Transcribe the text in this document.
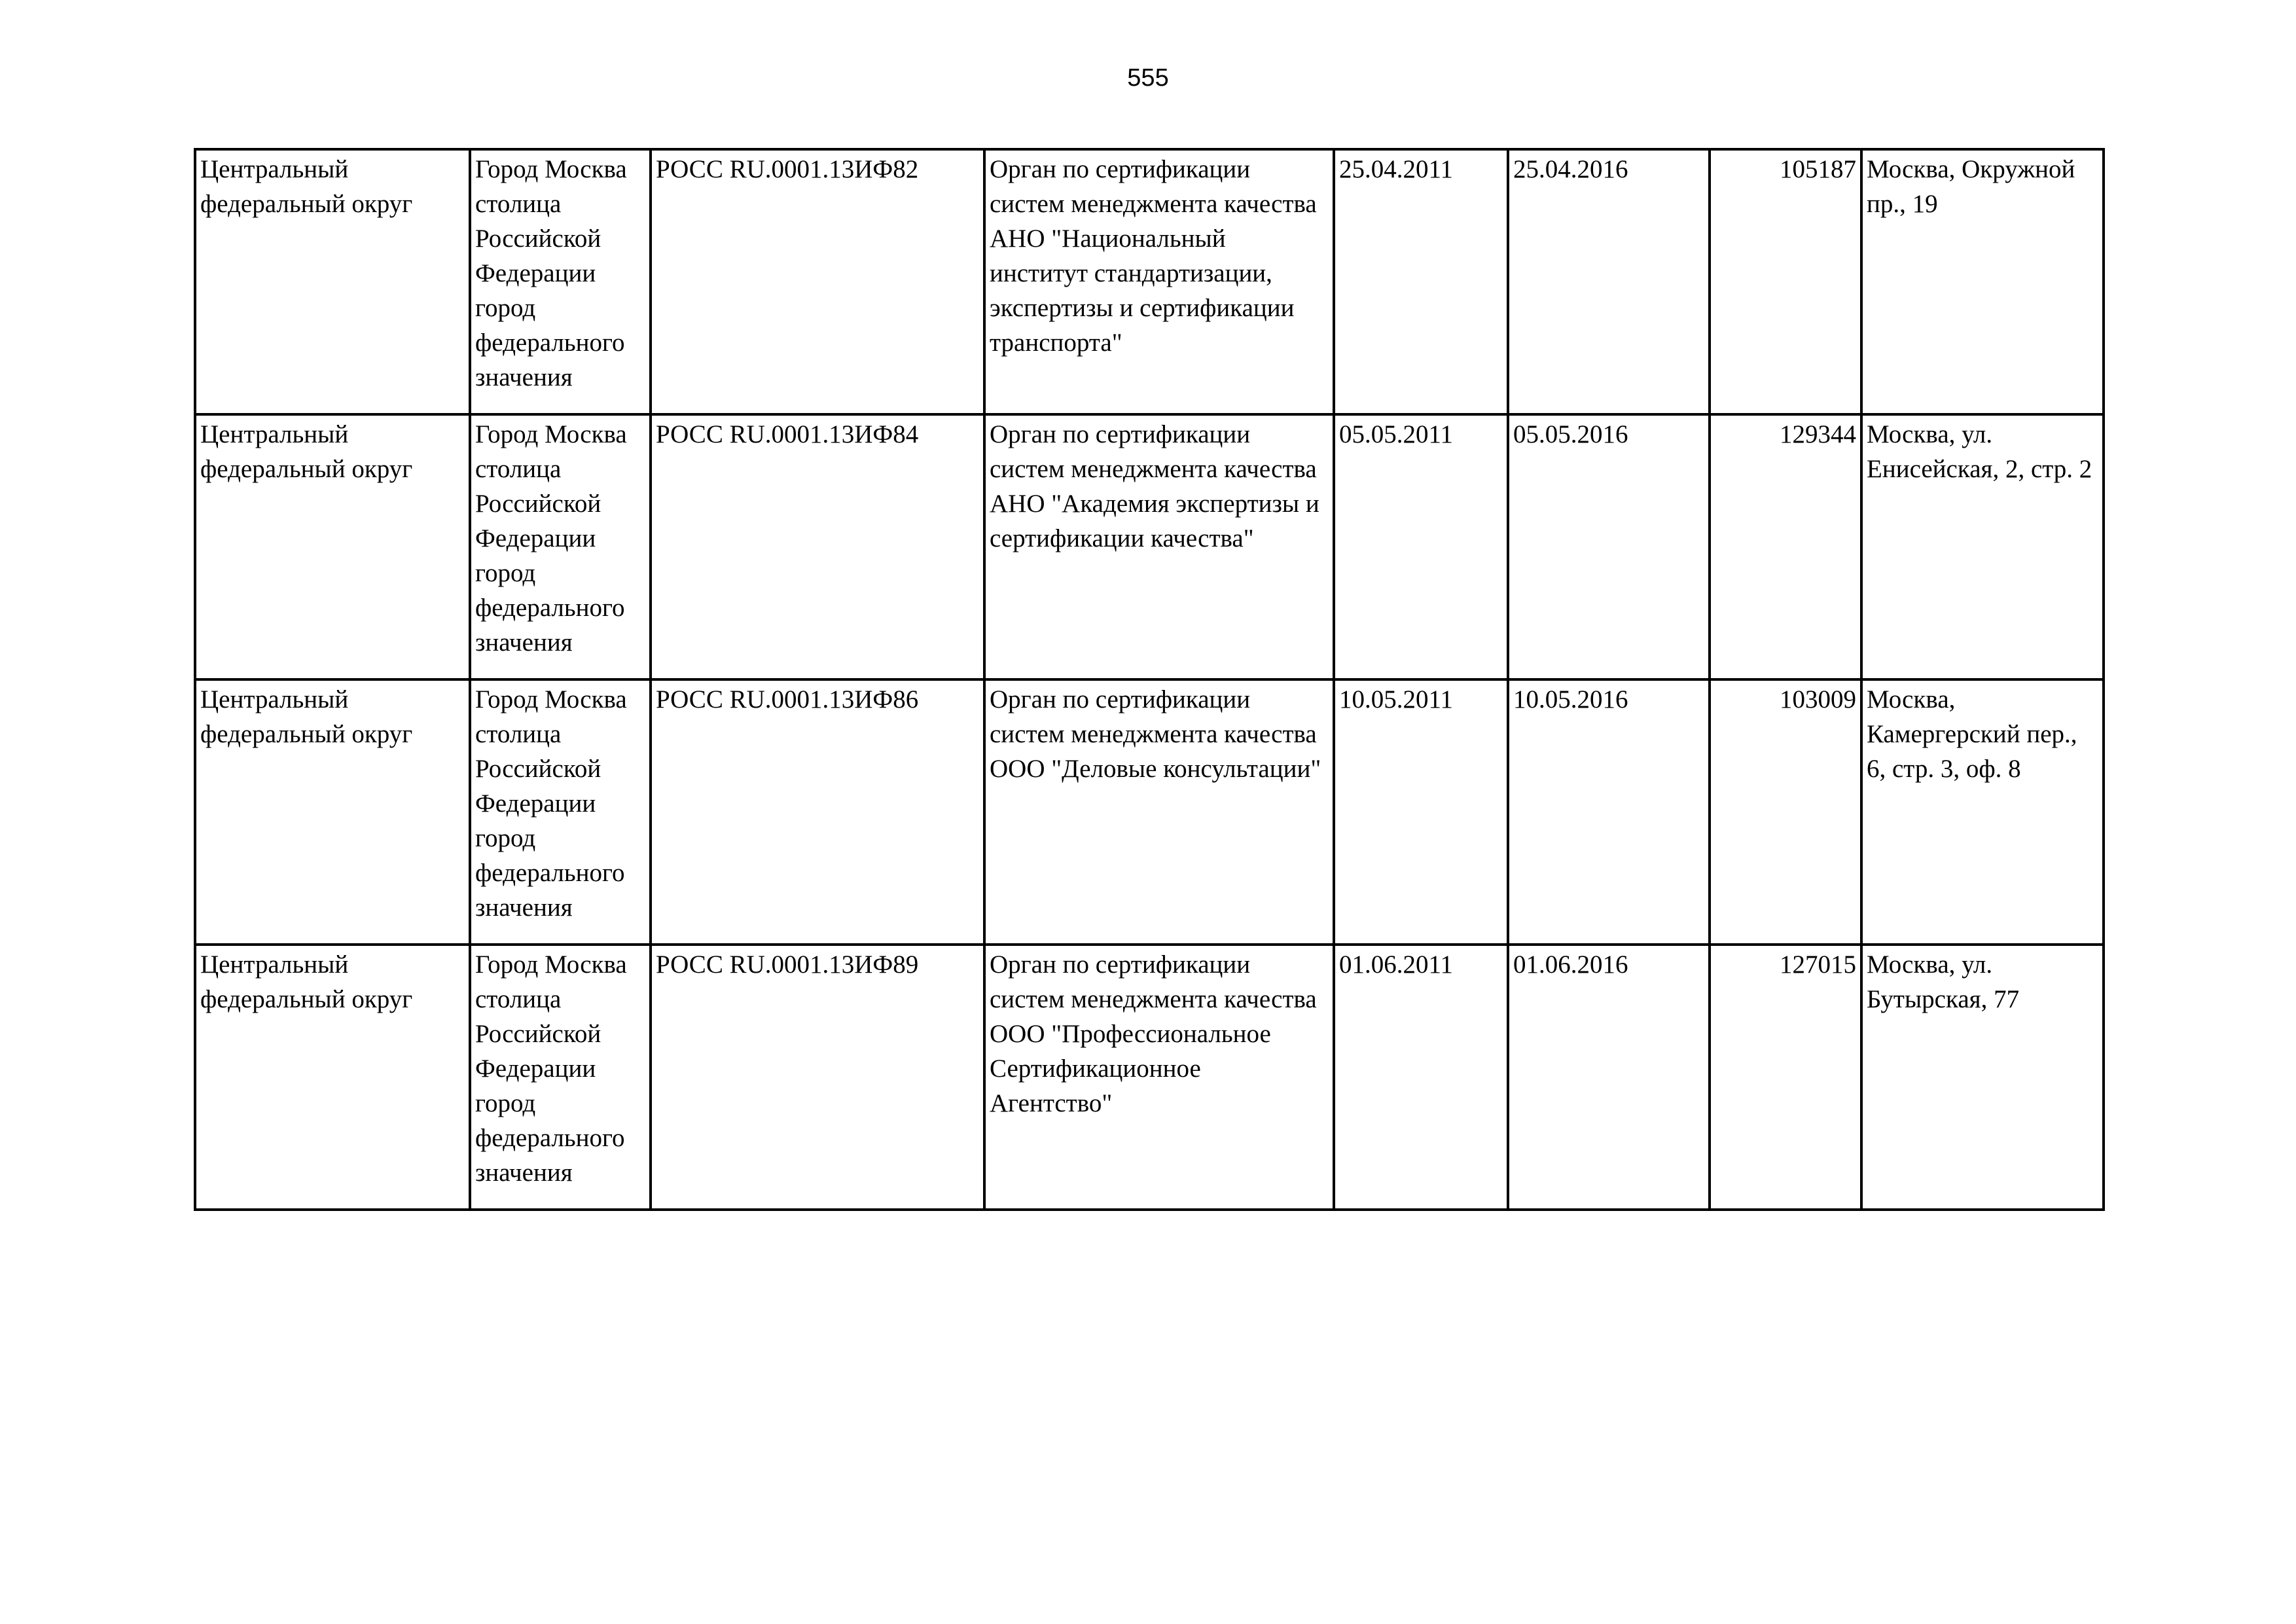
555
Центральный федеральный округ	Город Москва столица Российской Федерации город федерального значения	РОСС RU.0001.13ИФ82	Орган по сертификации систем менеджмента качества АНО "Национальный институт стандартизации, экспертизы и сертификации транспорта"	25.04.2011	25.04.2016	105187	Москва, Окружной пр., 19

Центральный федеральный округ	Город Москва столица Российской Федерации город федерального значения	РОСС RU.0001.13ИФ84	Орган по сертификации систем менеджмента качества АНО "Академия экспертизы и сертификации качества"	05.05.2011	05.05.2016	129344	Москва, ул. Енисейская, 2, стр. 2

Центральный федеральный округ	Город Москва столица Российской Федерации город федерального значения	РОСС RU.0001.13ИФ86	Орган по сертификации систем менеджмента качества ООО "Деловые консультации"	10.05.2011	10.05.2016	103009	Москва, Камергерский пер., 6, стр. 3, оф. 8

Центральный федеральный округ	Город Москва столица Российской Федерации город федерального значения	РОСС RU.0001.13ИФ89	Орган по сертификации систем менеджмента качества ООО "Профессиональное Сертификационное Агентство"	01.06.2011	01.06.2016	127015	Москва, ул. Бутырская, 77
